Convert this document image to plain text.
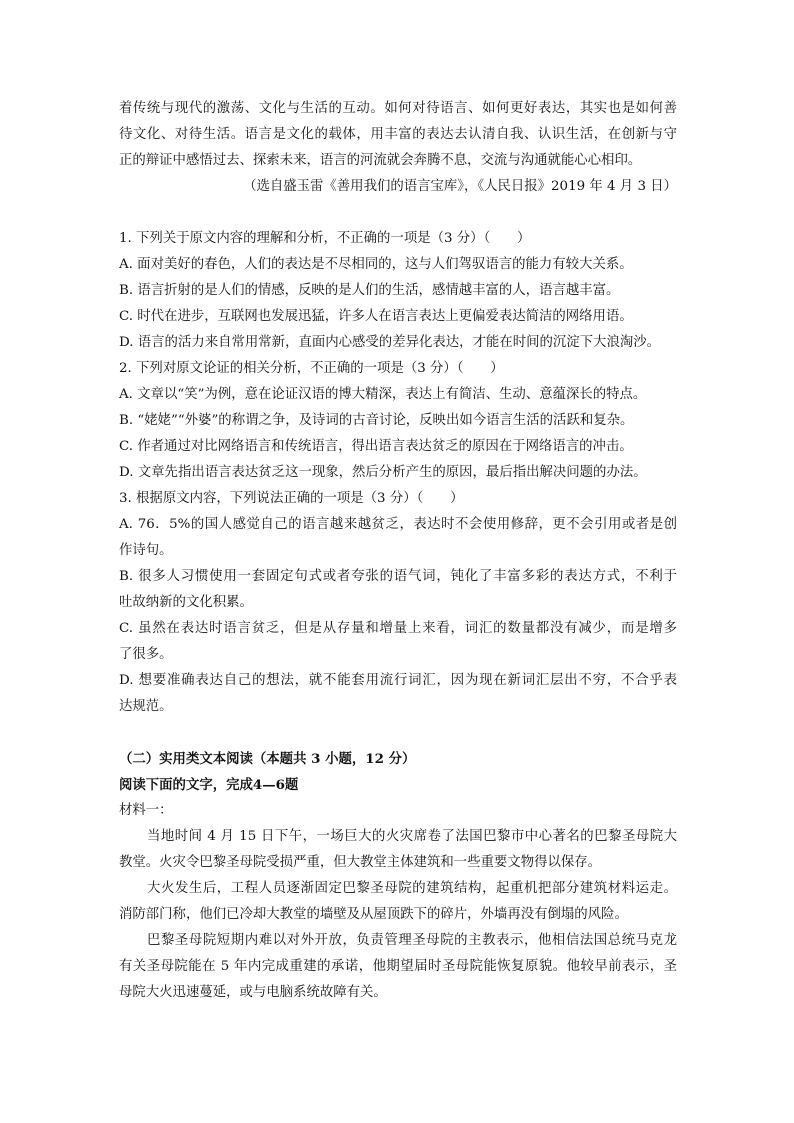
着传统与现代的激荡、文化与生活的互动。如何对待语言、如何更好表达，其实也是如何善
待文化、对待生活。语言是文化的载体，用丰富的表达去认清自我、认识生活，在创新与守
正的辩证中感悟过去、探索未来，语言的河流就会奔腾不息，交流与沟通就能心心相印。
（选自盛玉雷《善用我们的语言宝库》，《人民日报》2019 年 4 月 3 日）
1. 下列关于原文内容的理解和分析，不正确的一项是（3 分）（　　）
A. 面对美好的春色，人们的表达是不尽相同的，这与人们驾驭语言的能力有较大关系。
B. 语言折射的是人们的情感，反映的是人们的生活，感情越丰富的人，语言越丰富。
C. 时代在进步，互联网也发展迅猛，许多人在语言表达上更偏爱表达简洁的网络用语。
D. 语言的活力来自常用常新，直面内心感受的差异化表达，才能在时间的沉淀下大浪淘沙。
2. 下列对原文论证的相关分析，不正确的一项是（3 分）（　　）
A. 文章以“笑”为例，意在论证汉语的博大精深，表达上有简洁、生动、意蕴深长的特点。
B. “姥姥”“外婆”的称谓之争，及诗词的古音讨论，反映出如今语言生活的活跃和复杂。
C. 作者通过对比网络语言和传统语言，得出语言表达贫乏的原因在于网络语言的冲击。
D. 文章先指出语言表达贫乏这一现象，然后分析产生的原因，最后指出解决问题的办法。
3. 根据原文内容，下列说法正确的一项是（3 分）（　　）
A. 76．5%的国人感觉自己的语言越来越贫乏，表达时不会使用修辞，更不会引用或者是创
作诗句。
B. 很多人习惯使用一套固定句式或者夸张的语气词，钝化了丰富多彩的表达方式，不利于
吐故纳新的文化积累。
C. 虽然在表达时语言贫乏，但是从存量和增量上来看，词汇的数量都没有减少，而是增多
了很多。
D. 想要准确表达自己的想法，就不能套用流行词汇，因为现在新词汇层出不穷，不合乎表
达规范。
（二）实用类文本阅读（本题共 3 小题，12 分）
阅读下面的文字，完成4—6题
材料一：
当地时间 4 月 15 日下午，一场巨大的火灾席卷了法国巴黎市中心著名的巴黎圣母院大
教堂。火灾令巴黎圣母院受损严重，但大教堂主体建筑和一些重要文物得以保存。
大火发生后，工程人员逐渐固定巴黎圣母院的建筑结构，起重机把部分建筑材料运走。
消防部门称，他们已冷却大教堂的墙壁及从屋顶跌下的碎片，外墙再没有倒塌的风险。
巴黎圣母院短期内难以对外开放，负责管理圣母院的主教表示，他相信法国总统马克龙
有关圣母院能在 5 年内完成重建的承诺，他期望届时圣母院能恢复原貌。他较早前表示，圣
母院大火迅速蔓延，或与电脑系统故障有关。
